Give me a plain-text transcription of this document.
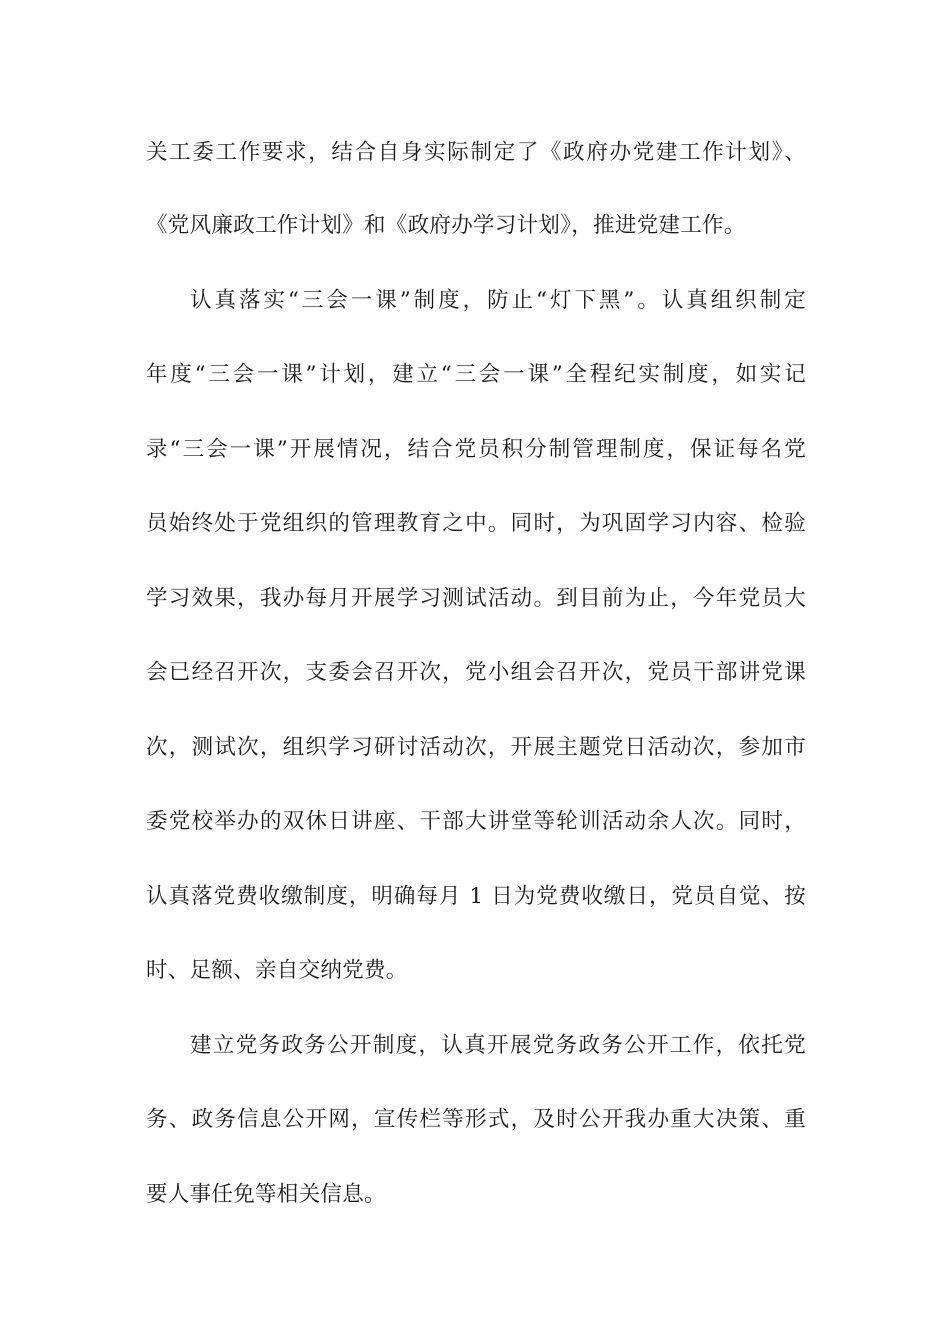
关工委工作要求，结合自身实际制定了《政府办党建工作计划》、
《党风廉政工作计划》和《政府办学习计划》，推进党建工作。
认真落实“三会一课”制度，防止“灯下黑”。认真组织制定
年度“三会一课”计划，建立“三会一课”全程纪实制度，如实记
录“三会一课”开展情况，结合党员积分制管理制度，保证每名党
员始终处于党组织的管理教育之中。同时，为巩固学习内容、检验
学习效果，我办每月开展学习测试活动。到目前为止，今年党员大
会已经召开次，支委会召开次，党小组会召开次，党员干部讲党课
次，测试次，组织学习研讨活动次，开展主题党日活动次，参加市
委党校举办的双休日讲座、干部大讲堂等轮训活动余人次。同时，
认真落党费收缴制度，明确每月 1 日为党费收缴日，党员自觉、按
时、足额、亲自交纳党费。
建立党务政务公开制度，认真开展党务政务公开工作，依托党
务、政务信息公开网，宣传栏等形式，及时公开我办重大决策、重
要人事任免等相关信息。
